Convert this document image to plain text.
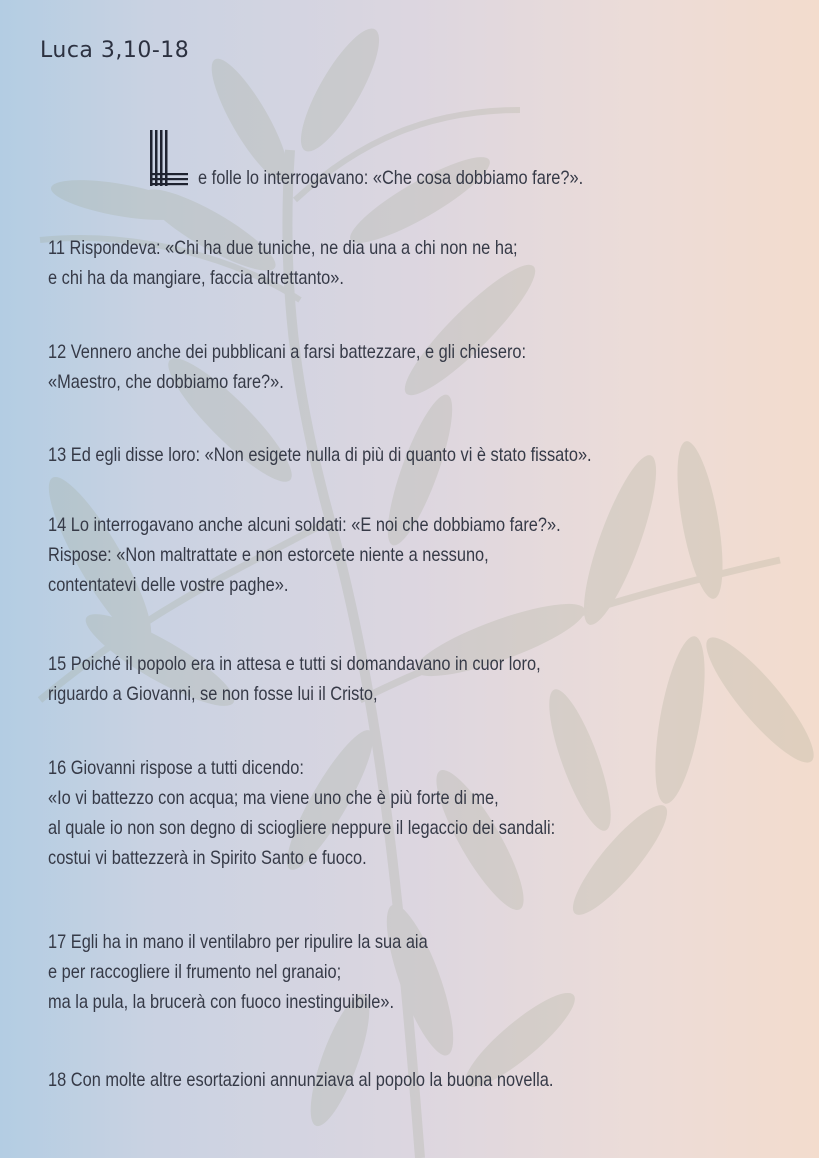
Luca 3,10-18

e folle lo interrogavano: «Che cosa dobbiamo fare?».

11 Rispondeva: «Chi ha due tuniche, ne dia una a chi non ne ha;

e chi ha da mangiare, faccia altrettanto».

12 Vennero anche dei pubblicani a farsi battezzare, e gli chiesero:

«Maestro, che dobbiamo fare?».

13 Ed egli disse loro: «Non esigete nulla di più di quanto vi è stato fissato».

14 Lo interrogavano anche alcuni soldati: «E noi che dobbiamo fare?».

Rispose: «Non maltrattate e non estorcete niente a nessuno,

contentatevi delle vostre paghe».

15 Poiché il popolo era in attesa e tutti si domandavano in cuor loro,

riguardo a Giovanni, se non fosse lui il Cristo,

16 Giovanni rispose a tutti dicendo:

«Io vi battezzo con acqua; ma viene uno che è più forte di me,

al quale io non son degno di sciogliere neppure il legaccio dei sandali:

costui vi battezzerà in Spirito Santo e fuoco.

17 Egli ha in mano il ventilabro per ripulire la sua aia

e per raccogliere il frumento nel granaio;

ma la pula, la brucerà con fuoco inestinguibile».

18 Con molte altre esortazioni annunziava al popolo la buona novella.
